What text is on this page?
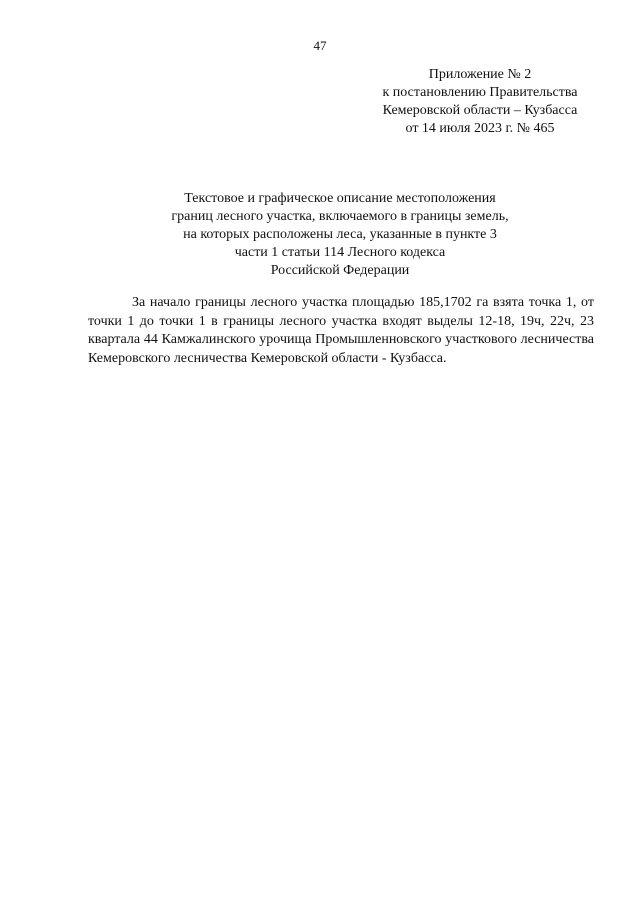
47
Приложение № 2
к постановлению Правительства
Кемеровской области – Кузбасса
от 14 июля 2023 г. № 465
Текстовое и графическое описание местоположения
границ лесного участка, включаемого в границы земель,
на которых расположены леса, указанные в пункте 3
части 1 статьи 114 Лесного кодекса
Российской Федерации

За начало границы лесного участка площадью 185,1702 га взята точка 1, от точки 1 до точки 1 в границы лесного участка входят выделы 12-18, 19ч, 22ч, 23 квартала 44 Камжалинского урочища Промышленновского участкового лесничества Кемеровского лесничества Кемеровской области - Кузбасса.
